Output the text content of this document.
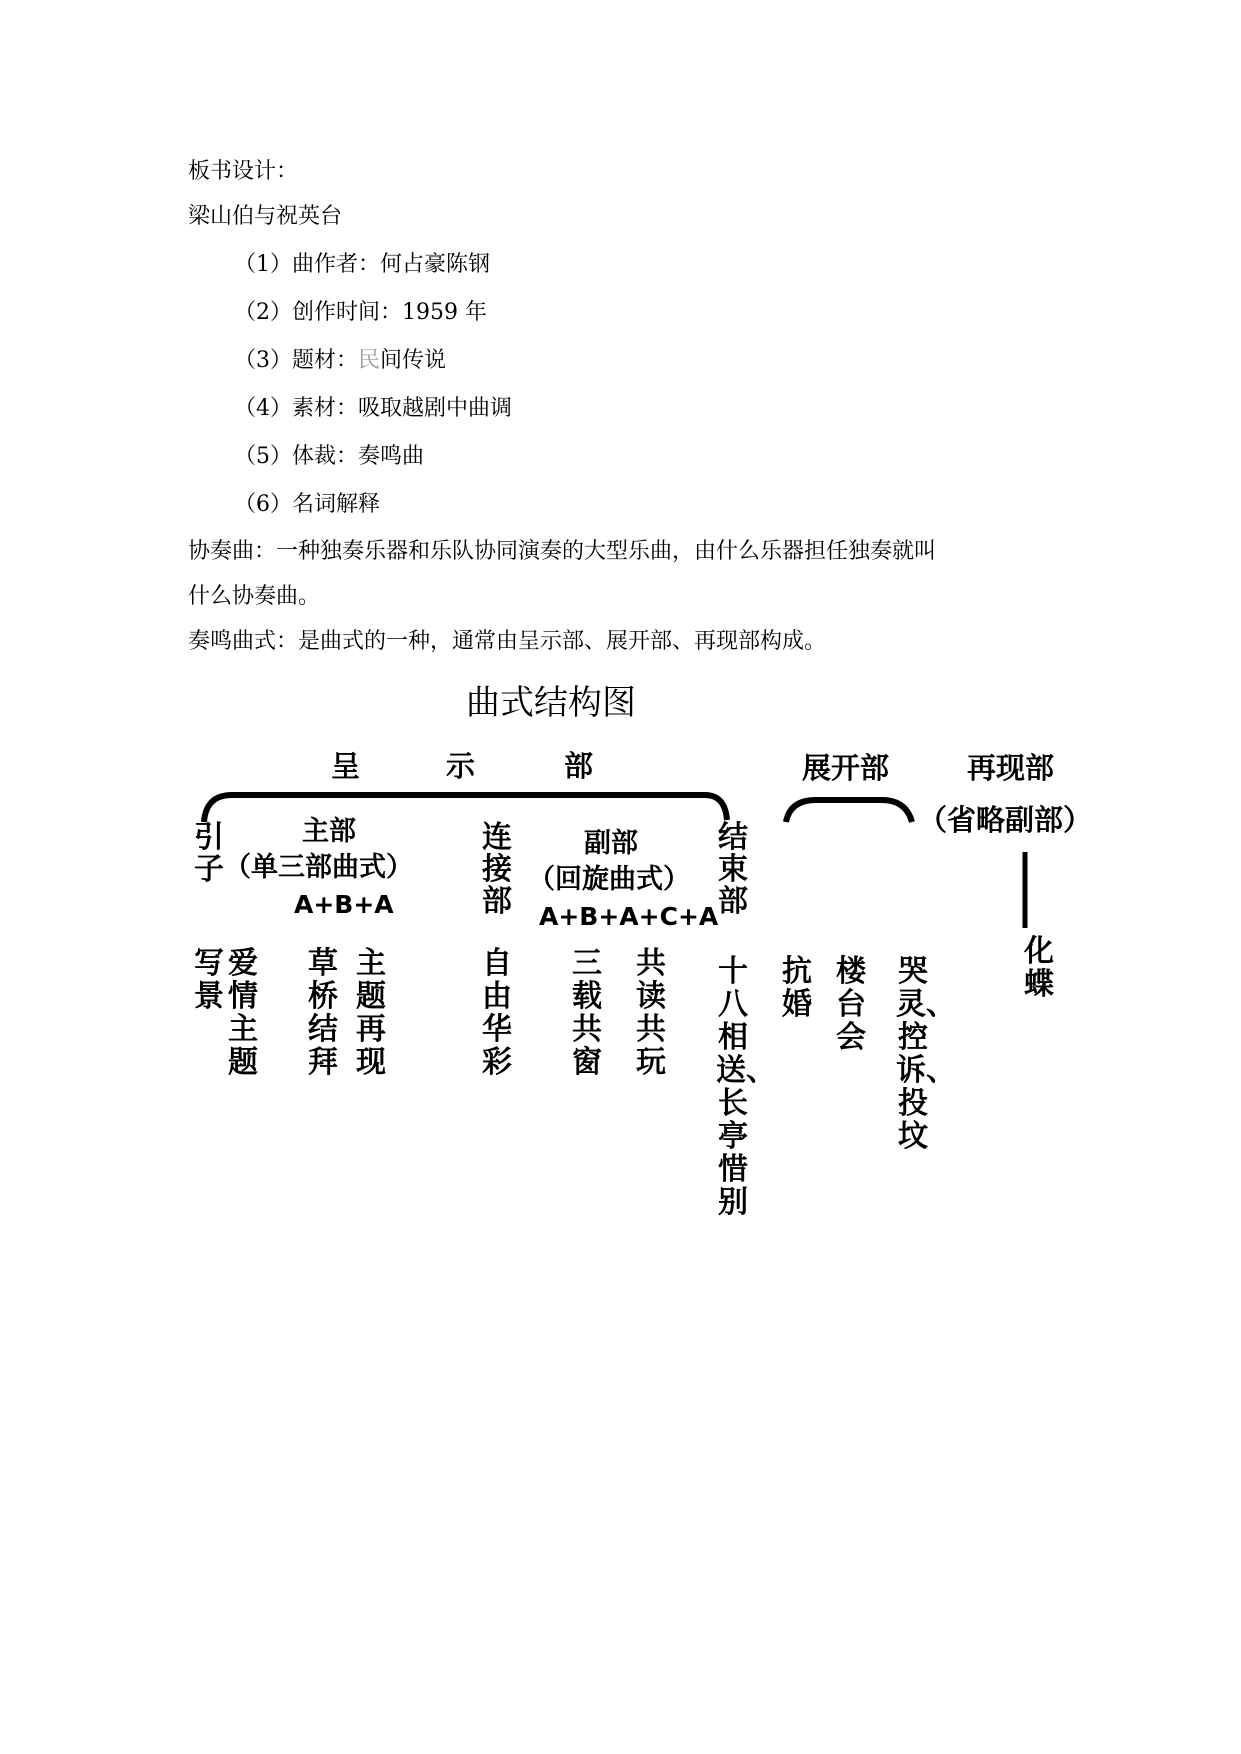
板书设计：
梁山伯与祝英台
（1）曲作者：何占豪陈钢
（2）创作时间：1959 年
（3）题材：民间传说
（4）素材：吸取越剧中曲调
（5）体裁：奏鸣曲
（6）名词解释
协奏曲：一种独奏乐器和乐队协同演奏的大型乐曲，由什么乐器担任独奏就叫
什么协奏曲。
奏鸣曲式：是曲式的一种，通常由呈示部、展开部、再现部构成。
曲式结构图
呈	示	部	展开部	再现部
（省略副部）
引子
主部
（单三部曲式）
A+B+A
连接部
副部
（回旋曲式）
A+B+A+C+A
结束部
写景
爱情主题
草桥结拜
主题再现
自由华彩
三载共窗
共读共玩
十八相送、长亭惜别
抗婚
楼台会
哭灵、控诉、投坟
化蝶
